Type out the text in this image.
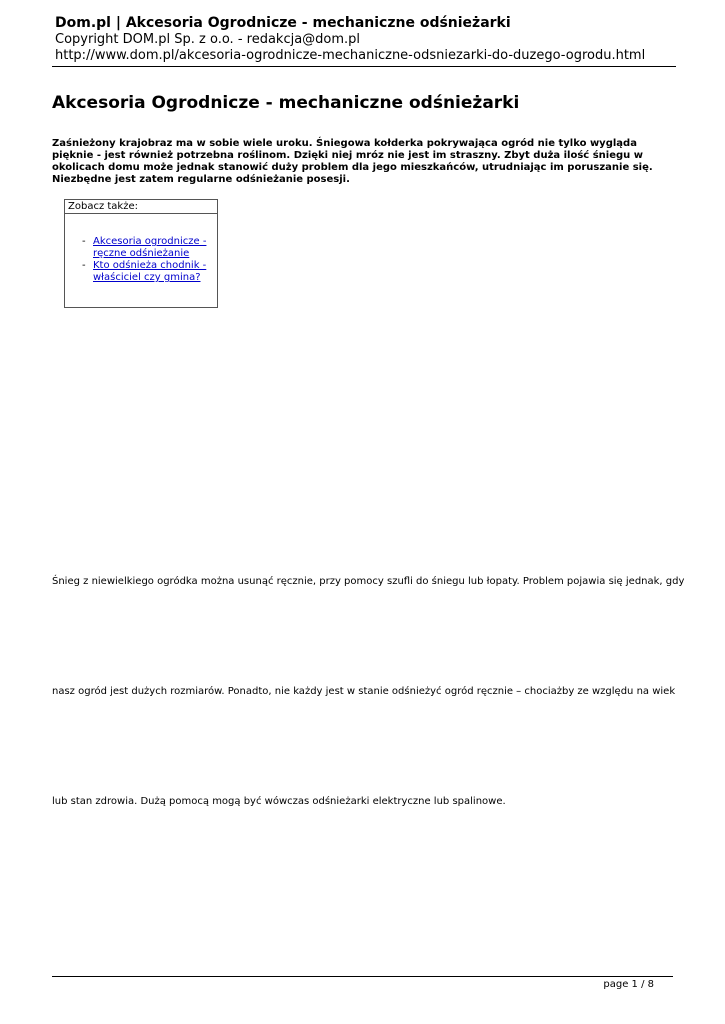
Dom.pl | Akcesoria Ogrodnicze - mechaniczne odśnieżarki
Copyright DOM.pl Sp. z o.o. - redakcja@dom.pl
http://www.dom.pl/akcesoria-ogrodnicze-mechaniczne-odsniezarki-do-duzego-ogrodu.html
Akcesoria Ogrodnicze - mechaniczne odśnieżarki

Zaśnieżony krajobraz ma w sobie wiele uroku. Śniegowa kołderka pokrywająca ogród nie tylko wygląda pięknie - jest również potrzebna roślinom. Dzięki niej mróz nie jest im straszny. Zbyt duża ilość śniegu w okolicach domu może jednak stanowić duży problem dla jego mieszkańców, utrudniając im poruszanie się. Niezbędne jest zatem regularne odśnieżanie posesji.

Zobacz także:
- Akcesoria ogrodnicze - ręczne odśnieżanie
- Kto odśnieża chodnik - właściciel czy gmina?

Śnieg z niewielkiego ogródka można usunąć ręcznie, przy pomocy szufli do śniegu lub łopaty. Problem pojawia się jednak, gdy

nasz ogród jest dużych rozmiarów. Ponadto, nie każdy jest w stanie odśnieżyć ogród ręcznie – chociażby ze względu na wiek

lub stan zdrowia. Dużą pomocą mogą być wówczas odśnieżarki elektryczne lub spalinowe.

page 1 / 8
